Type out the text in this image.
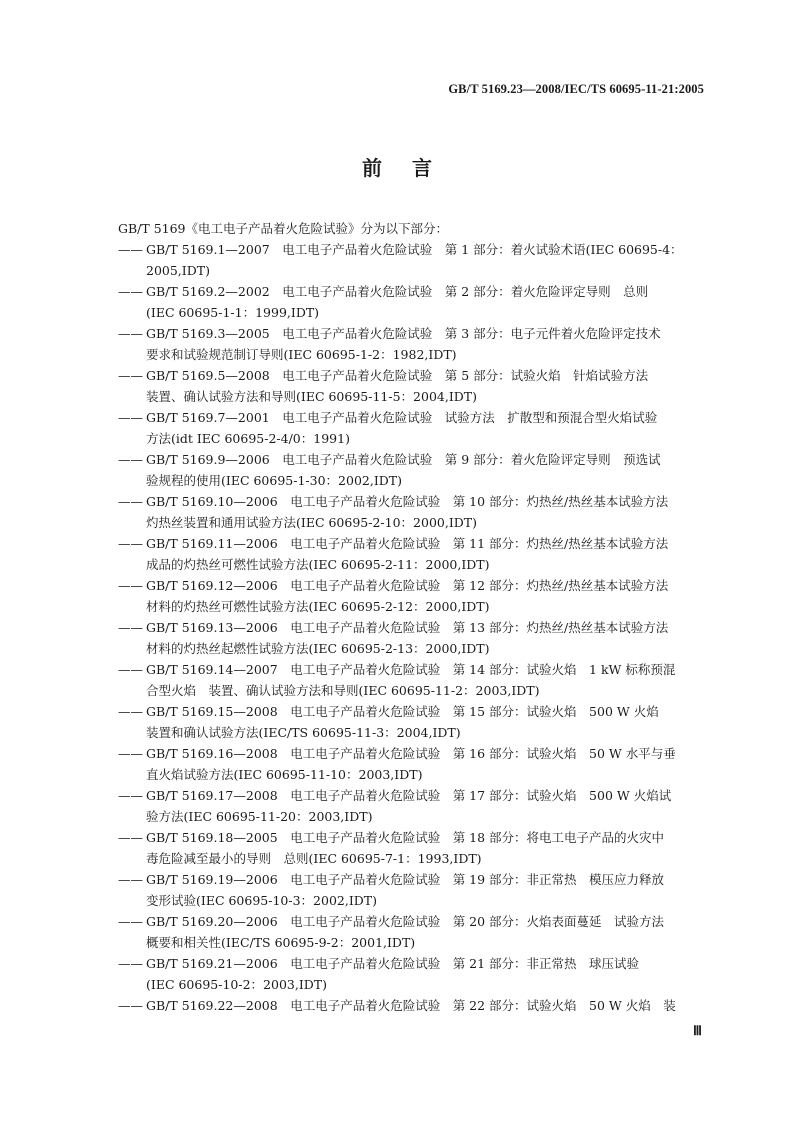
GB/T 5169.23—2008/IEC/TS 60695-11-21:2005
前言
GB/T 5169《电工电子产品着火危险试验》分为以下部分：
—— GB/T 5169.1—2007　电工电子产品着火危险试验　第 1 部分：着火试验术语(IEC 60695-4：
2005,IDT)
—— GB/T 5169.2—2002　电工电子产品着火危险试验　第 2 部分：着火危险评定导则　总则
(IEC 60695-1-1：1999,IDT)
—— GB/T 5169.3—2005　电工电子产品着火危险试验　第 3 部分：电子元件着火危险评定技术
要求和试验规范制订导则(IEC 60695-1-2：1982,IDT)
—— GB/T 5169.5—2008　电工电子产品着火危险试验　第 5 部分：试验火焰　针焰试验方法
装置、确认试验方法和导则(IEC 60695-11-5：2004,IDT)
—— GB/T 5169.7—2001　电工电子产品着火危险试验　试验方法　扩散型和预混合型火焰试验
方法(idt IEC 60695-2-4/0：1991)
—— GB/T 5169.9—2006　电工电子产品着火危险试验　第 9 部分：着火危险评定导则　预选试
验规程的使用(IEC 60695-1-30：2002,IDT)
—— GB/T 5169.10—2006　电工电子产品着火危险试验　第 10 部分：灼热丝/热丝基本试验方法
灼热丝装置和通用试验方法(IEC 60695-2-10：2000,IDT)
—— GB/T 5169.11—2006　电工电子产品着火危险试验　第 11 部分：灼热丝/热丝基本试验方法
成品的灼热丝可燃性试验方法(IEC 60695-2-11：2000,IDT)
—— GB/T 5169.12—2006　电工电子产品着火危险试验　第 12 部分：灼热丝/热丝基本试验方法
材料的灼热丝可燃性试验方法(IEC 60695-2-12：2000,IDT)
—— GB/T 5169.13—2006　电工电子产品着火危险试验　第 13 部分：灼热丝/热丝基本试验方法
材料的灼热丝起燃性试验方法(IEC 60695-2-13：2000,IDT)
—— GB/T 5169.14—2007　电工电子产品着火危险试验　第 14 部分：试验火焰　1 kW 标称预混
合型火焰　装置、确认试验方法和导则(IEC 60695-11-2：2003,IDT)
—— GB/T 5169.15—2008　电工电子产品着火危险试验　第 15 部分：试验火焰　500 W 火焰
装置和确认试验方法(IEC/TS 60695-11-3：2004,IDT)
—— GB/T 5169.16—2008　电工电子产品着火危险试验　第 16 部分：试验火焰　50 W 水平与垂
直火焰试验方法(IEC 60695-11-10：2003,IDT)
—— GB/T 5169.17—2008　电工电子产品着火危险试验　第 17 部分：试验火焰　500 W 火焰试
验方法(IEC 60695-11-20：2003,IDT)
—— GB/T 5169.18—2005　电工电子产品着火危险试验　第 18 部分：将电工电子产品的火灾中
毒危险减至最小的导则　总则(IEC 60695-7-1：1993,IDT)
—— GB/T 5169.19—2006　电工电子产品着火危险试验　第 19 部分：非正常热　模压应力释放
变形试验(IEC 60695-10-3：2002,IDT)
—— GB/T 5169.20—2006　电工电子产品着火危险试验　第 20 部分：火焰表面蔓延　试验方法
概要和相关性(IEC/TS 60695-9-2：2001,IDT)
—— GB/T 5169.21—2006　电工电子产品着火危险试验　第 21 部分：非正常热　球压试验
(IEC 60695-10-2：2003,IDT)
—— GB/T 5169.22—2008　电工电子产品着火危险试验　第 22 部分：试验火焰　50 W 火焰　装
Ⅲ
